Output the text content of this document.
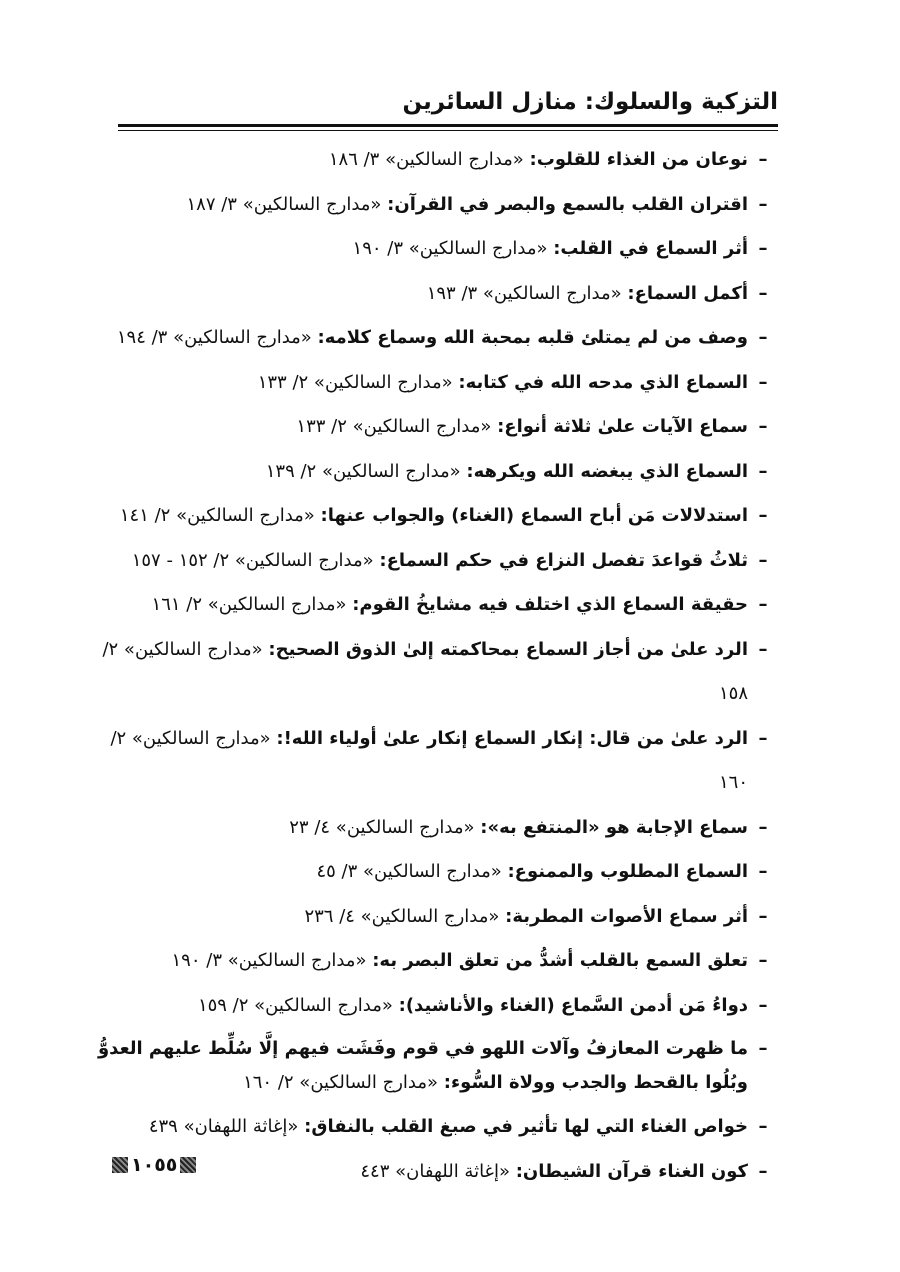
التزكية والسلوك: منازل السائرين
–
نوعان من الغذاء للقلوب: «مدارج السالكين» ٣/ ١٨٦
–
اقتران القلب بالسمع والبصر في القرآن: «مدارج السالكين» ٣/ ١٨٧
–
أثر السماع في القلب: «مدارج السالكين» ٣/ ١٩٠
–
أكمل السماع: «مدارج السالكين» ٣/ ١٩٣
–
وصف من لم يمتلئ قلبه بمحبة الله وسماع كلامه: «مدارج السالكين» ٣/ ١٩٤
–
السماع الذي مدحه الله في كتابه: «مدارج السالكين» ٢/ ١٣٣
–
سماع الآيات علىٰ ثلاثة أنواع: «مدارج السالكين» ٢/ ١٣٣
–
السماع الذي يبغضه الله ويكرهه: «مدارج السالكين» ٢/ ١٣٩
–
استدلالات مَن أباح السماع (الغناء) والجواب عنها: «مدارج السالكين» ٢/ ١٤١
–
ثلاثُ قواعدَ تفصل النزاع في حكم السماع: «مدارج السالكين» ٢/ ١٥٢ - ١٥٧
–
حقيقة السماع الذي اختلف فيه مشايخُ القوم: «مدارج السالكين» ٢/ ١٦١
–
الرد علىٰ من أجاز السماع بمحاكمته إلىٰ الذوق الصحيح: «مدارج السالكين» ٢/ ١٥٨
–
الرد علىٰ من قال: إنكار السماع إنكار علىٰ أولياء الله!: «مدارج السالكين» ٢/ ١٦٠
–
سماع الإجابة هو «المنتفع به»: «مدارج السالكين» ٤/ ٢٣
–
السماع المطلوب والممنوع: «مدارج السالكين» ٣/ ٤٥
–
أثر سماع الأصوات المطربة: «مدارج السالكين» ٤/ ٢٣٦
–
تعلق السمع بالقلب أشدُّ من تعلق البصر به: «مدارج السالكين» ٣/ ١٩٠
–
دواءُ مَن أدمن السَّماع (الغناء والأناشيد): «مدارج السالكين» ٢/ ١٥٩
–
ما ظهرت المعازفُ وآلات اللهو في قوم وفَشَت فيهم إلَّا سُلِّط عليهم العدوُّ وبُلُوا بالقحط والجدب وولاة السُّوء: «مدارج السالكين» ٢/ ١٦٠
–
خواص الغناء التي لها تأثير في صبغ القلب بالنفاق: «إغاثة اللهفان» ٤٣٩
–
كون الغناء قرآن الشيطان: «إغاثة اللهفان» ٤٤٣
١٠٥٥
